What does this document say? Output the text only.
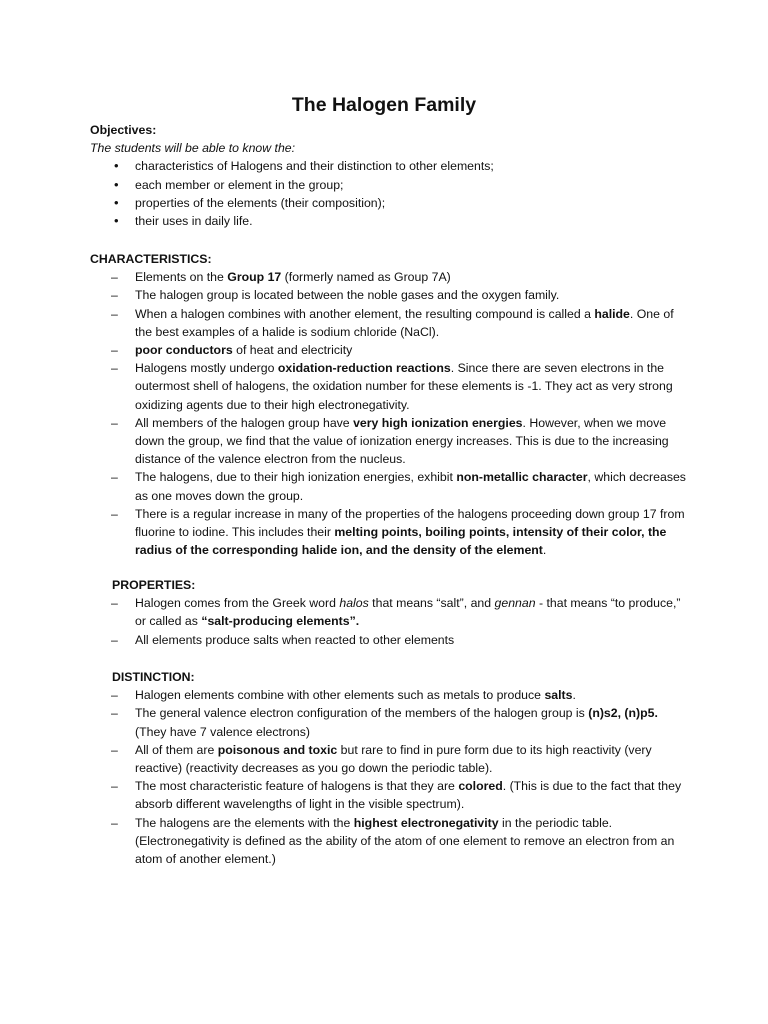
The Halogen Family
Objectives:
The students will be able to know the:
• characteristics of Halogens and their distinction to other elements;
• each member or element in the group;
• properties of the elements (their composition);
• their uses in daily life.
CHARACTERISTICS:
– Elements on the Group 17 (formerly named as Group 7A)
– The halogen group is located between the noble gases and the oxygen family.
– When a halogen combines with another element, the resulting compound is called a halide. One of the best examples of a halide is sodium chloride (NaCl).
– poor conductors of heat and electricity
– Halogens mostly undergo oxidation-reduction reactions. Since there are seven electrons in the outermost shell of halogens, the oxidation number for these elements is -1. They act as very strong oxidizing agents due to their high electronegativity.
– All members of the halogen group have very high ionization energies. However, when we move down the group, we find that the value of ionization energy increases. This is due to the increasing distance of the valence electron from the nucleus.
– The halogens, due to their high ionization energies, exhibit non-metallic character, which decreases as one moves down the group.
– There is a regular increase in many of the properties of the halogens proceeding down group 17 from fluorine to iodine. This includes their melting points, boiling points, intensity of their color, the radius of the corresponding halide ion, and the density of the element.
PROPERTIES:
– Halogen comes from the Greek word halos that means “salt”, and gennan - that means “to produce,” or called as “salt-producing elements”.
– All elements produce salts when reacted to other elements
DISTINCTION:
– Halogen elements combine with other elements such as metals to produce salts.
– The general valence electron configuration of the members of the halogen group is (n)s2, (n)p5. (They have 7 valence electrons)
– All of them are poisonous and toxic but rare to find in pure form due to its high reactivity (very reactive) (reactivity decreases as you go down the periodic table).
– The most characteristic feature of halogens is that they are colored. (This is due to the fact that they absorb different wavelengths of light in the visible spectrum).
– The halogens are the elements with the highest electronegativity in the periodic table. (Electronegativity is defined as the ability of the atom of one element to remove an electron from an atom of another element.)
